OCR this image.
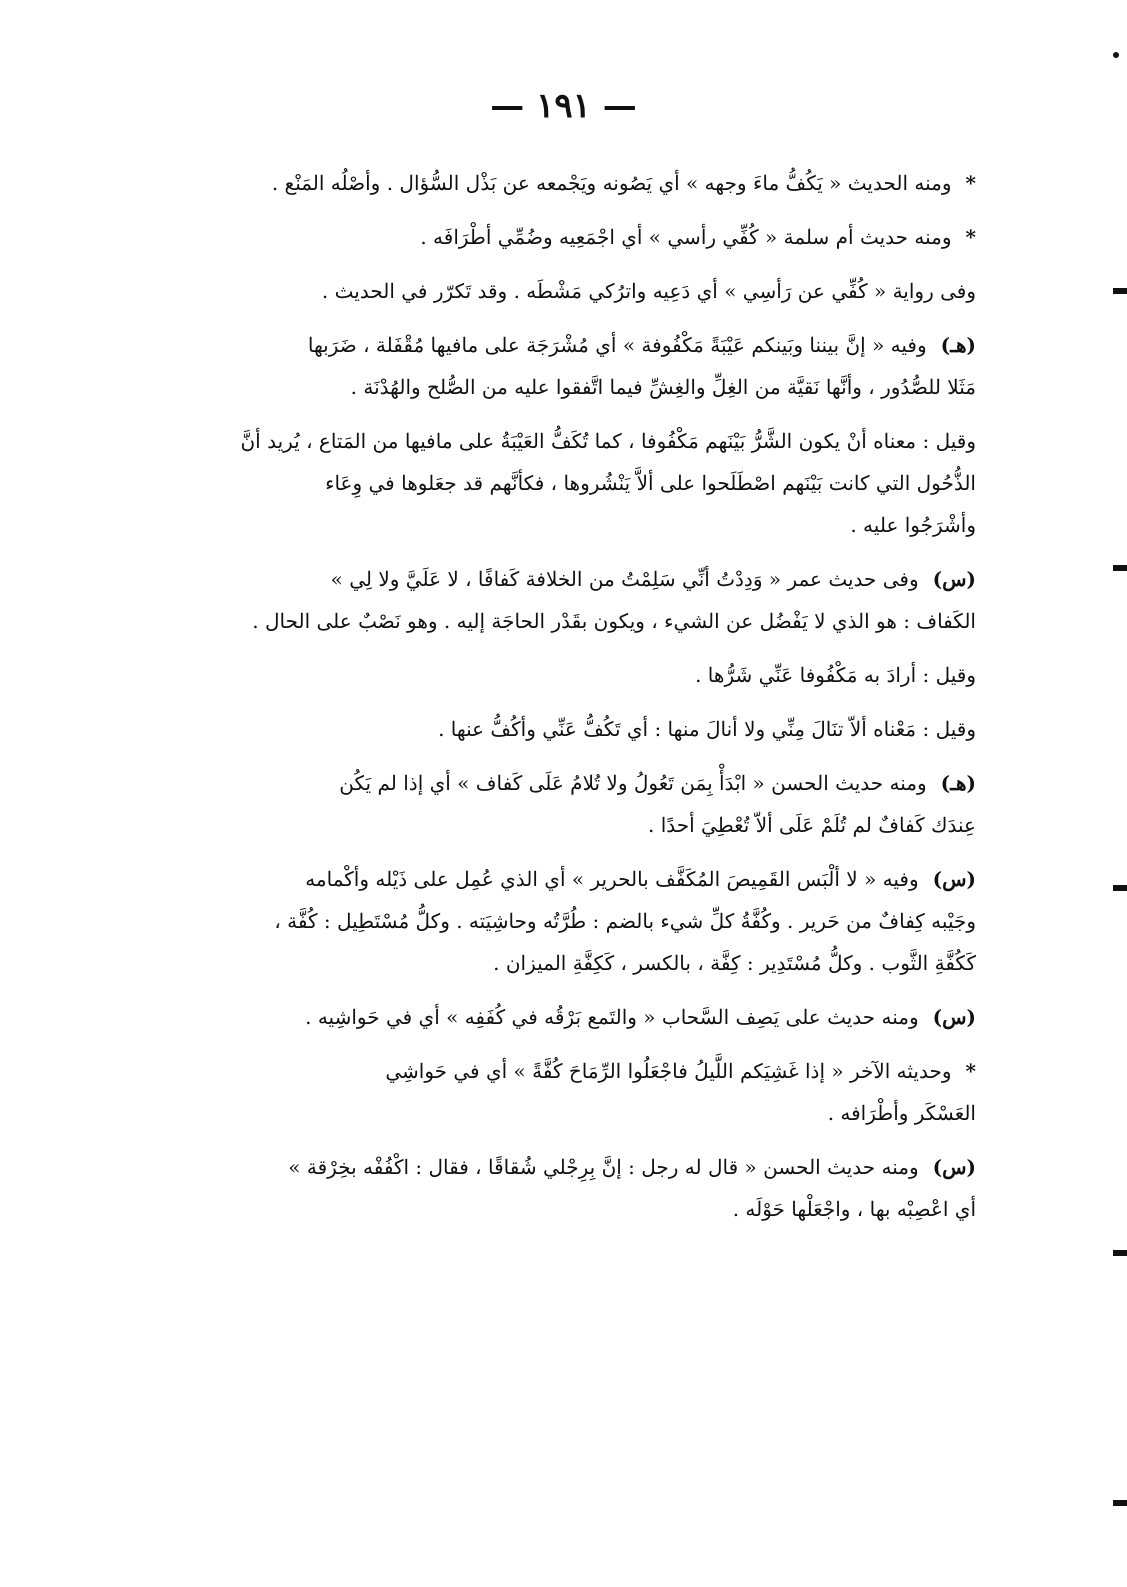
— ١٩١ —

*ومنه الحديث « يَكُفُّ ماءَ وجهه » أي يَصُونه ويَجْمعه عن بَذْل السُّؤال . وأصْلُه المَنْع .

*ومنه حديث أم سلمة « كُفِّي رأسي » أي اجْمَعِيه وضُمِّي أطْرَافَه .

وفى رواية « كُفِّي عن رَأسِي » أي دَعِيه واترُكي مَشْطَه . وقد تَكرّر في الحديث .

(هـ)وفيه « إنَّ بيننا وبَينكم عَيْبَةً مَكْفُوفة » أي مُشْرَجَة على مافيها مُقْفَلة ، ضَرَبها
مَثَلا للصُّدُور ، وأنَّها نَقيَّة من الغِلِّ والغِشِّ فيما اتَّفقوا عليه من الصُّلح والهُدْنَة .

وقيل : معناه أنْ يكون الشَّرُّ بَيْنَهم مَكْفُوفا ، كما تُكَفُّ العَيْبَةُ على مافيها من المَتاع ، يُريد أنَّ
الذُّحُول التي كانت بَيْنَهم اصْطَلَحوا على ألاَّ يَنْشُروها ، فكأنَّهم قد جعَلوها في وِعَاء
وأشْرَجُوا عليه .

(س)وفى حديث عمر « وَدِدْتُ أنِّي سَلِمْتُ من الخلافة كَفافًا ، لا عَلَيَّ ولا لِي »
الكَفاف : هو الذي لا يَفْضُل عن الشيء ، ويكون بقَدْر الحاجَة إليه . وهو نَصْبٌ على الحال .

وقيل : أرادَ به مَكْفُوفا عَنِّي شَرُّها .

وقيل : مَعْناه ألاّ تنَالَ مِنِّي ولا أنالَ منها : أي تَكُفُّ عَنِّي وأكُفُّ عنها .

(هـ)ومنه حديث الحسن « ابْدَأْ بِمَن تَعُولُ ولا تُلامُ عَلَى كَفاف » أي إذا لم يَكُن
عِندَك كَفافٌ لم تُلَمْ عَلَى ألاّ تُعْطِيَ أحدًا .

(س)وفيه « لا ألْبَس القَمِيصَ المُكَفَّف بالحرير » أي الذي عُمِل على ذَيْله وأكْمامه
وجَيْبه كِفافٌ من حَرير . وكُفَّةُ كلِّ شيء بالضم : طُرَّتُه وحاشِيَته . وكلُّ مُسْتَطِيل : كُفَّة ،
كَكُفَّةِ الثَّوب . وكلُّ مُسْتَدِير : كِفَّة ، بالكسر ، كَكِفَّةِ الميزان .

(س)ومنه حديث على يَصِف السَّحاب « والتَمع بَرْقُه في كُفَفِه » أي في حَواشِيه .

*وحديثه الآخر « إذا غَشِيَكم اللَّيلُ فاجْعَلُوا الرِّمَاحَ كُفَّةً » أي في حَواشِي
العَسْكَر وأطْرَافه .

(س)ومنه حديث الحسن « قال له رجل : إنَّ بِرِجْلي شُقاقًا ، فقال : اكْفُفْه بخِرْقة »
أي اعْصِبْه بها ، واجْعَلْها حَوْلَه .
